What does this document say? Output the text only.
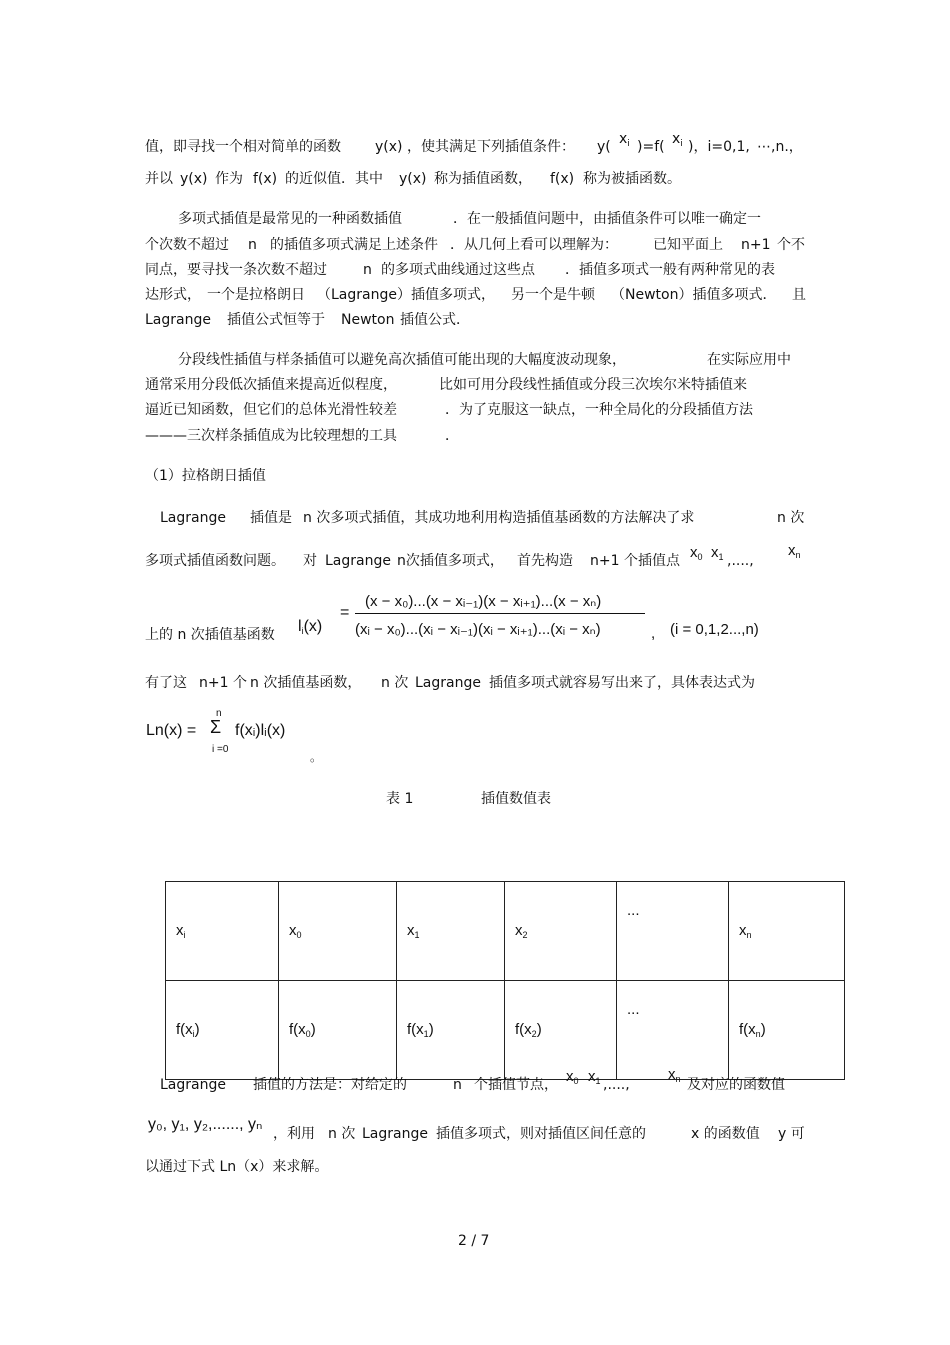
值，即寻找一个相对简单的函数 y(x) ，使其满足下列插值条件： y( $x_i$ )=f( $x_i$ )，i=0,1, ⋯,n.，
并以 y(x) 作为 f(x) 的近似值．其中 y(x) 称为插值函数， f(x) 称为被插函数。
多项式插值是最常见的一种函数插值	．在一般插值问题中，由插值条件可以唯一确定一
个次数不超过 n 的插值多项式满足上述条件 ．从几何上看可以理解为：	已知平面上 n+1 个不
同点，要寻找一条次数不超过	n 的多项式曲线通过这些点 ．插值多项式一般有两种常见的表
达形式， 一个是拉格朗日 （Lagrange）插值多项式， 另一个是牛顿 （Newton）插值多项式． 且
Lagrange 插值公式恒等于 Newton 插值公式．
分段线性插值与样条插值可以避免高次插值可能出现的大幅度波动现象，	在实际应用中
通常采用分段低次插值来提高近似程度，	比如可用分段线性插值或分段三次埃尔米特插值来
逼近已知函数，但它们的总体光滑性较差	．为了克服这一缺点，一种全局化的分段插值方法
———三次样条插值成为比较理想的工具	．
（1）拉格朗日插值
Lagrange 插值是 n 次多项式插值，其成功地利用构造插值基函数的方法解决了求	n 次
多项式插值函数问题。 对 Lagrange n次插值多项式， 首先构造 n+1 个插值点 $x_0$ $x_1$ ,....,
$x_n$
上的 n 次插值基函数 $l_i(x)$
=
(x − x₀)...(x − xᵢ₋₁)(x − xᵢ₊₁)...(x − xₙ)
(xᵢ − x₀)...(xᵢ − xᵢ₋₁)(xᵢ − xᵢ₊₁)...(xᵢ − xₙ)	, (i = 0,1,2...,n)
有了这 n+1 个 n 次插值基函数， n 次 Lagrange 插值多项式就容易写出来了，具体表达式为
Ln(x) =
n
Σ
i =0
f(xᵢ)lᵢ(x)
。
表 1	插值数值表
$x_i$	$x_0$	$x_1$	$x_2$	...	$x_n$
$f(x_i)$	$f(x_0)$	$f(x_1)$	$f(x_2)$	...	$f(x_n)$
Lagrange 插值的方法是：对给定的	n 个插值节点， $x_0$ $x_1$ ,....,
$x_n$ 及对应的函数值
y₀, y₁, y₂,......, yₙ
，利用 n 次 Lagrange 插值多项式，则对插值区间任意的	x 的函数值 y 可
以通过下式 Ln（x）来求解。
2 / 7
